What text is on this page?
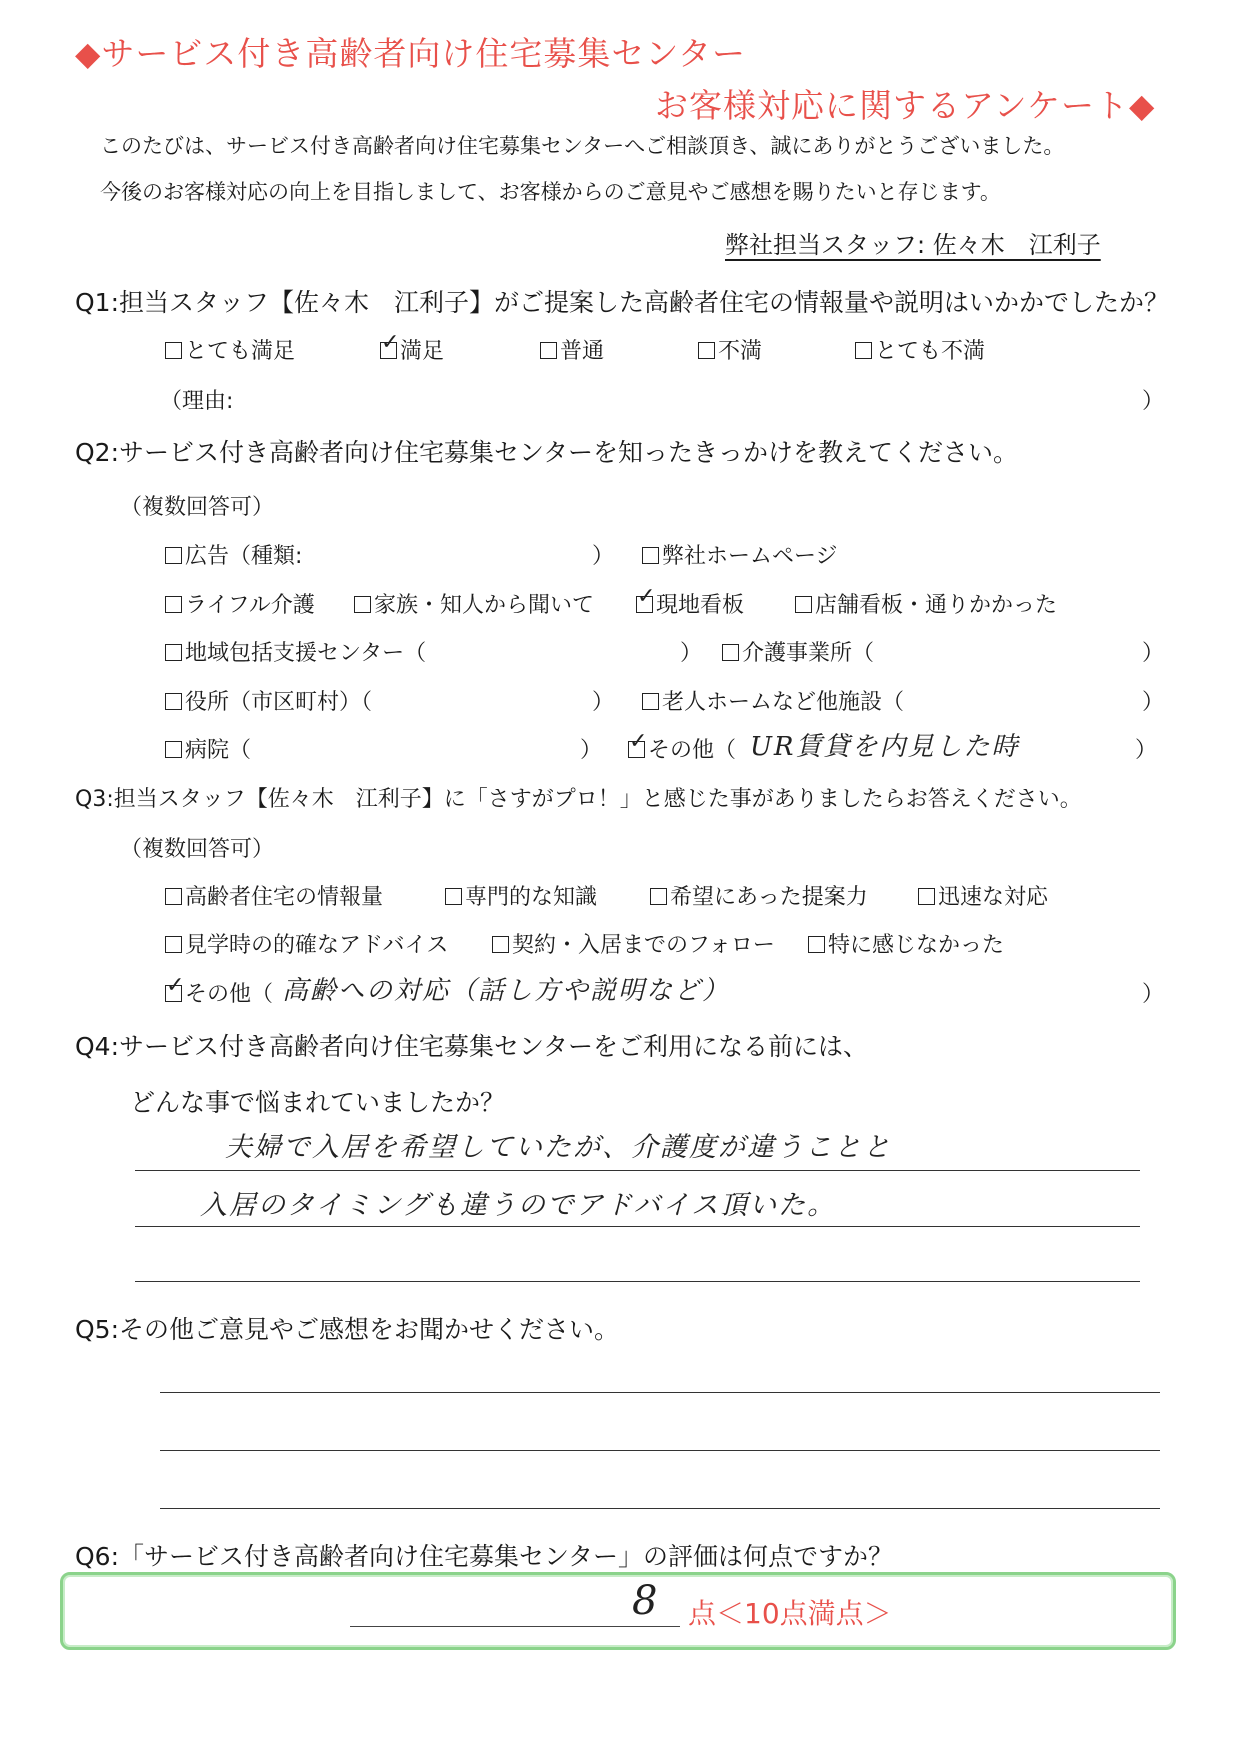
◆サービス付き高齢者向け住宅募集センター
お客様対応に関するアンケート◆
このたびは、サービス付き高齢者向け住宅募集センターへご相談頂き、誠にありがとうございました。
今後のお客様対応の向上を目指しまして、お客様からのご意見やご感想を賜りたいと存じます。
弊社担当スタッフ: 佐々木　江利子
Q1:担当スタッフ【佐々木　江利子】がご提案した高齢者住宅の情報量や説明はいかかでしたか？
とても満足 ✓	満足	普通	不満	とても不満
（理由:	）
Q2:サービス付き高齢者向け住宅募集センターを知ったきっかけを教えてください。
（複数回答可）
広告（種類:	）	弊社ホームページ
ライフル介護	家族・知人から聞いて ✓	現地看板	店舗看板・通りかかった
地域包括支援センター（	）	介護事業所（	）
役所（市区町村）（	）	老人ホームなど他施設（	）
病院（	） ✓	その他（ UR賃貸を内見した時	）
Q3:担当スタッフ【佐々木　江利子】に「さすがプロ！」と感じた事がありましたらお答えください。
（複数回答可）
高齢者住宅の情報量	専門的な知識	希望にあった提案力	迅速な対応
見学時の的確なアドバイス	契約・入居までのフォロー	特に感じなかった
✓その他（ 高齢への対応（話し方や説明など）	）
Q4:サービス付き高齢者向け住宅募集センターをご利用になる前には、
どんな事で悩まれていましたか？
夫婦で入居を希望していたが、介護度が違うことと
入居のタイミングも違うのでアドバイス頂いた。
Q5:その他ご意見やご感想をお聞かせください。
Q6:「サービス付き高齢者向け住宅募集センター」の評価は何点ですか？
8 点＜10点満点＞
